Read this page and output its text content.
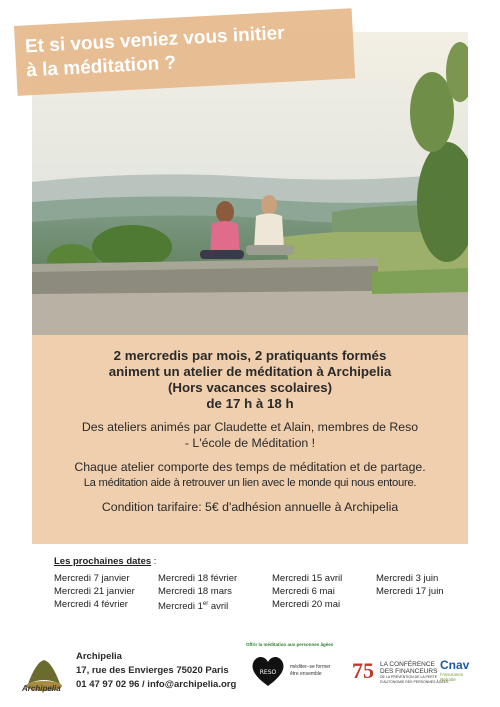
Et si vous veniez vous initier
à la méditation ?

2 mercredis par mois, 2 pratiquants formés

animent un atelier de méditation à Archipelia

(Hors vacances scolaires)

de 17 h à 18 h

Des ateliers animés par Claudette et Alain, membres de Reso

- L'école de Méditation !

Chaque atelier comporte des temps de méditation et de partage.

La méditation aide à retrouver un lien avec le monde qui nous entoure.

Condition tarifaire: 5€ d'adhésion annuelle à Archipelia

Les prochaines dates :
Mercredi 7 janvier
Mercredi 21 janvier
Mercredi 4 février
Mercredi 18 février
Mercredi 18 mars
Mercredi 1er avril
Mercredi 15 avril
Mercredi 6 mai
Mercredi 20 mai
Mercredi 3 juin
Mercredi 17 juin
Archipelia
Archipelia
17, rue des Envierges 75020 Paris
01 47 97 02 96 / info@archipelia.org
Offrir la méditation aux personnes âgées
RESO
méditer–se former
être ensemble	75 LA CONFÉRENCE
DES FINANCEURS
DE LA PRÉVENTION DE LA PERTE
D'AUTONOMIE DES PERSONNES ÂGÉES
Cnav
l'Assurance Retraite
